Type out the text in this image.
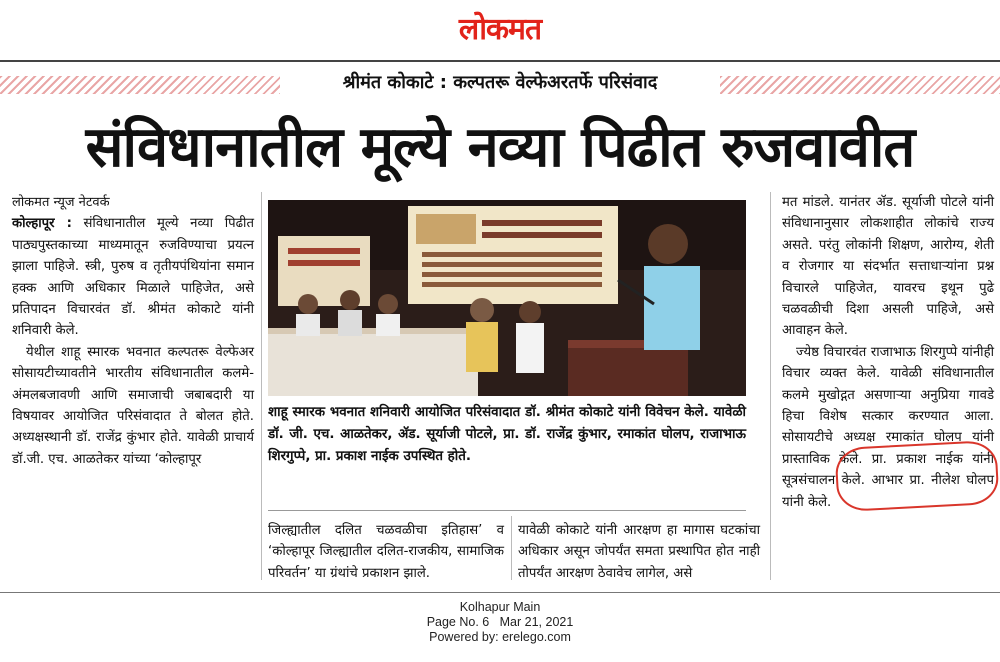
लोकमत
श्रीमंत कोकाटे : कल्पतरू वेल्फेअरतर्फे परिसंवाद
संविधानातील मूल्ये नव्या पिढीत रुजवावीत

लोकमत न्यूज नेटवर्क

कोल्हापूर : संविधानातील मूल्ये नव्या पिढीत पाठ्यपुस्तकाच्या माध्यमातून रुजविण्याचा प्रयत्न झाला पाहिजे. स्त्री, पुरुष व तृतीयपंथियांना समान हक्क आणि अधिकार मिळाले पाहिजेत, असे प्रतिपादन विचारवंत डॉ. श्रीमंत कोकाटे यांनी शनिवारी केले.

येथील शाहू स्मारक भवनात कल्पतरू वेल्फेअर सोसायटीच्यावतीने भारतीय संविधानातील कलमे-अंमलबजावणी आणि समाजाची जबाबदारी या विषयावर आयोजित परिसंवादात ते बोलत होते. अध्यक्षस्थानी डॉ. राजेंद्र कुंभार होते. यावेळी प्राचार्य डॉ.जी. एच. आळतेकर यांच्या ‘कोल्हापूर

शाहू स्मारक भवनात शनिवारी आयोजित परिसंवादात डॉ. श्रीमंत कोकाटे यांनी विवेचन केले. यावेळी डॉ. जी. एच. आळतेकर, ॲड. सूर्याजी पोटले, प्रा. डॉ. राजेंद्र कुंभार, रमाकांत घोलप, राजाभाऊ शिरगुप्पे, प्रा. प्रकाश नाईक उपस्थित होते.
जिल्ह्यातील दलित चळवळीचा इतिहास’ व ‘कोल्हापूर जिल्ह्यातील दलित-राजकीय, सामाजिक परिवर्तन’ या ग्रंथांचे प्रकाशन झाले.
यावेळी कोकाटे यांनी आरक्षण हा मागास घटकांचा अधिकार असून जोपर्यंत समता प्रस्थापित होत नाही तोपर्यंत आरक्षण ठेवावेच लागेल, असे

मत मांडले. यानंतर ॲड. सूर्याजी पोटले यांनी संविधानानुसार लोकशाहीत लोकांचे राज्य असते. परंतु लोकांनी शिक्षण, आरोग्य, शेती व रोजगार या संदर्भात सत्ताधाऱ्यांना प्रश्न विचारले पाहिजेत, यावरच इथून पुढे चळवळीची दिशा असली पाहिजे, असे आवाहन केले.

ज्येष्ठ विचारवंत राजाभाऊ शिरगुप्पे यांनीही विचार व्यक्त केले. यावेळी संविधानातील कलमे मुखोद्गत असणाऱ्या अनुप्रिया गावडे हिचा विशेष सत्कार करण्यात आला. सोसायटीचे अध्यक्ष रमाकांत घोलप यांनी प्रास्ताविक केले. प्रा. प्रकाश नाईक यांनी सूत्रसंचालन केले. आभार प्रा. नीलेश घोलप यांनी केले.

Kolhapur Main
Page No. 6   Mar 21, 2021
Powered by: erelego.com
